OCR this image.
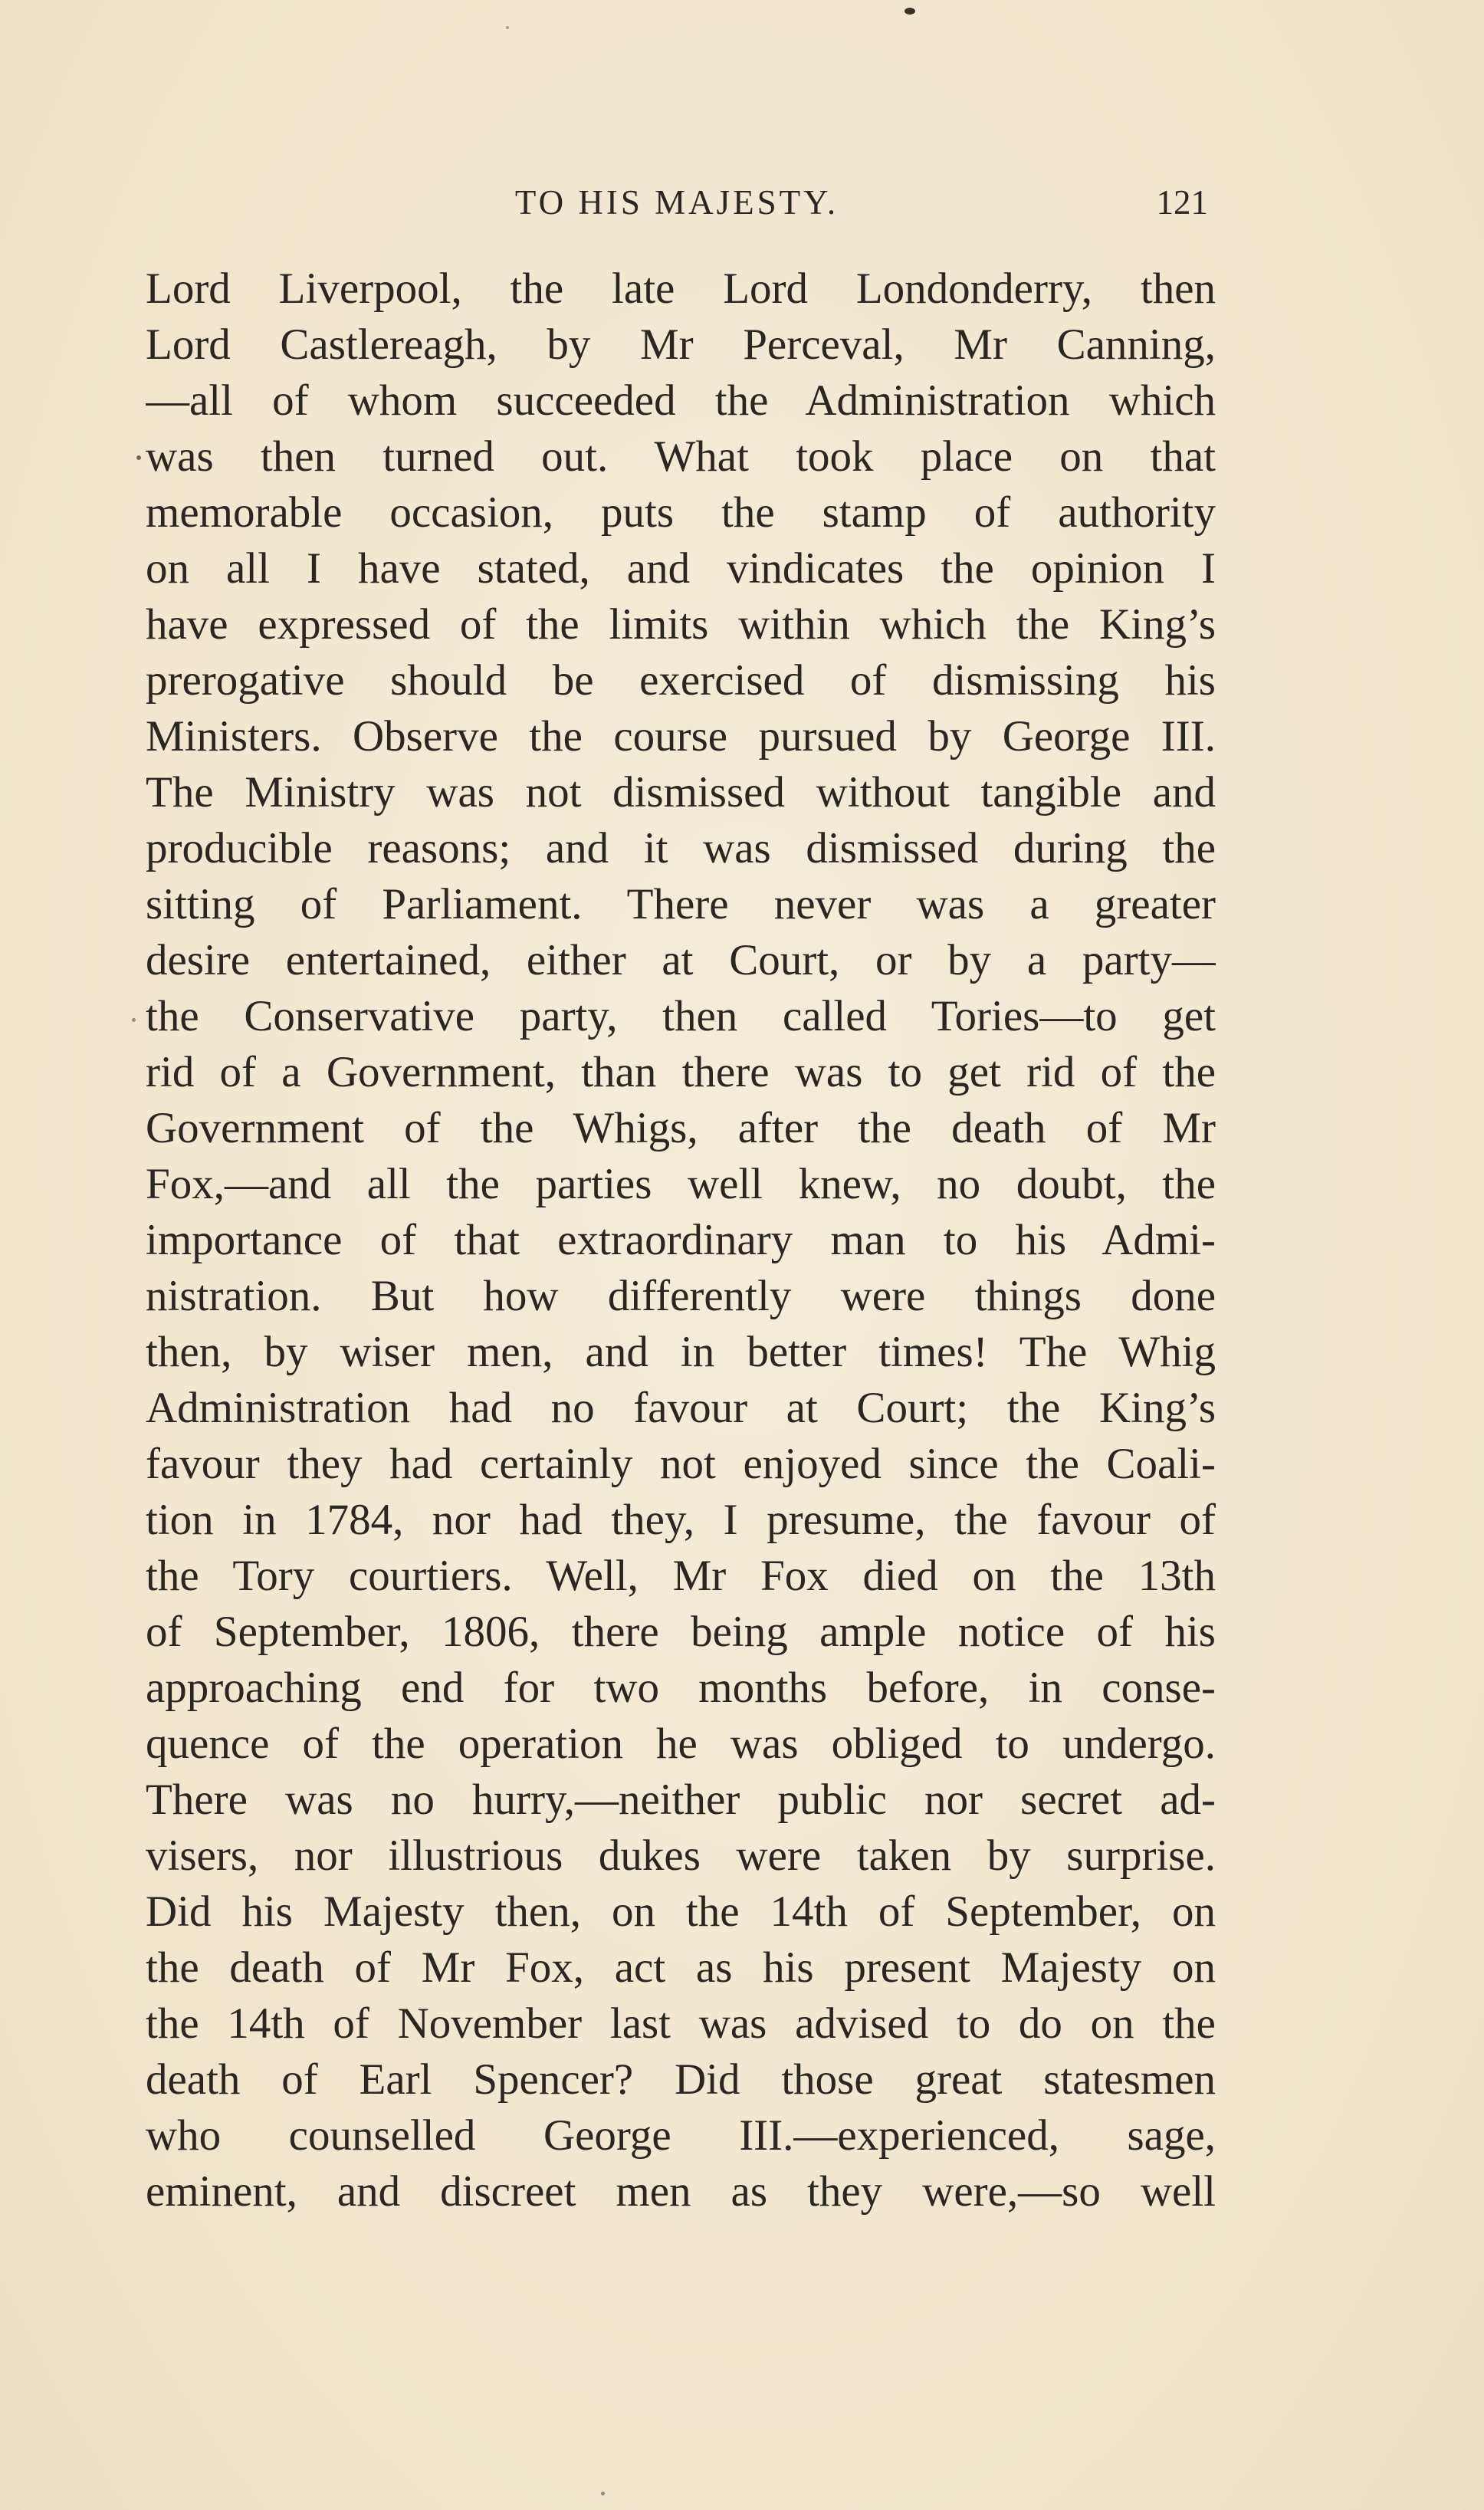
TO HIS MAJESTY.	121
Lord Liverpool, the late Lord Londonderry, then
Lord Castlereagh, by Mr Perceval, Mr Canning,
—all of whom succeeded the Administration which
was then turned out. What took place on that
memorable occasion, puts the stamp of authority
on all I have stated, and vindicates the opinion I
have expressed of the limits within which the King’s
prerogative should be exercised of dismissing his
Ministers. Observe the course pursued by George III.
The Ministry was not dismissed without tangible and
producible reasons; and it was dismissed during the
sitting of Parliament. There never was a greater
desire entertained, either at Court, or by a party—
the Conservative party, then called Tories—to get
rid of a Government, than there was to get rid of the
Government of the Whigs, after the death of Mr
Fox,—and all the parties well knew, no doubt, the
importance of that extraordinary man to his Admi-
nistration. But how differently were things done
then, by wiser men, and in better times! The Whig
Administration had no favour at Court; the King’s
favour they had certainly not enjoyed since the Coali-
tion in 1784, nor had they, I presume, the favour of
the Tory courtiers. Well, Mr Fox died on the 13th
of September, 1806, there being ample notice of his
approaching end for two months before, in conse-
quence of the operation he was obliged to undergo.
There was no hurry,—neither public nor secret ad-
visers, nor illustrious dukes were taken by surprise.
Did his Majesty then, on the 14th of September, on
the death of Mr Fox, act as his present Majesty on
the 14th of November last was advised to do on the
death of Earl Spencer? Did those great statesmen
who counselled George III.—experienced, sage,
eminent, and discreet men as they were,—so well
